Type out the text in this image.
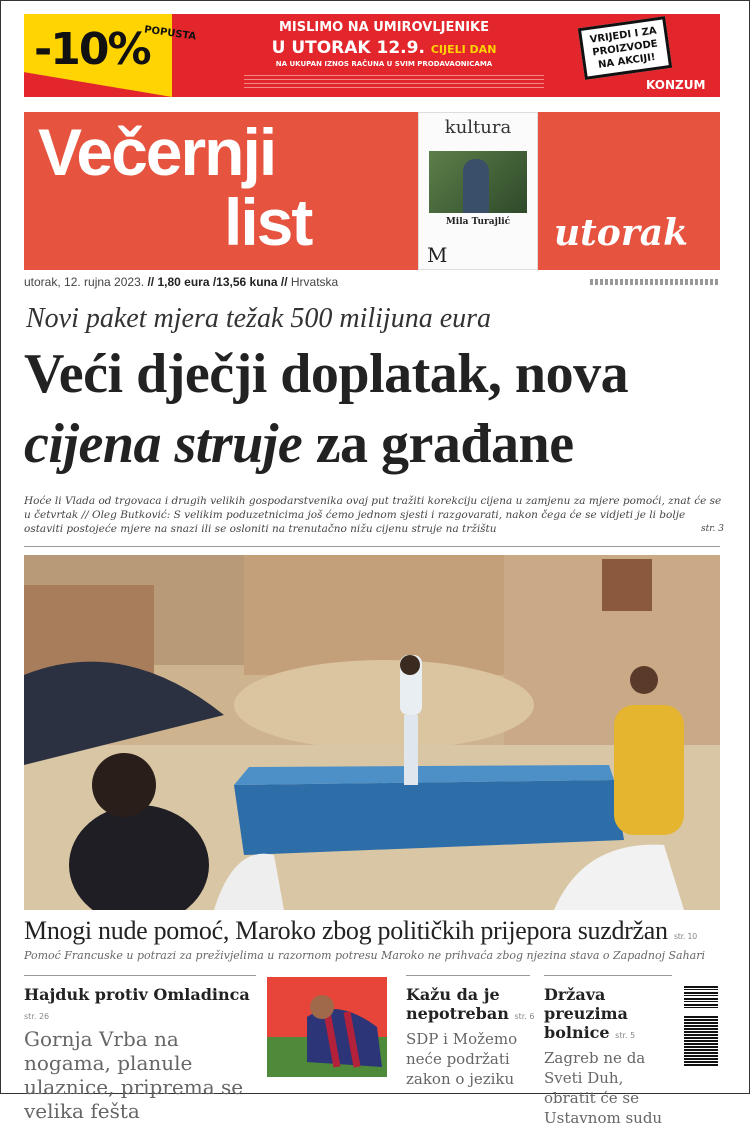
-10%
POPUSTA	MISLIMO NA UMIROVLJENIKE
U UTORAK 12.9. CIJELI DAN
NA UKUPAN IZNOS RAČUNA U SVIM PRODAVAONICAMA
VRIJEDI I ZA PROIZVODE NA AKCIJI!
KONZUM
Večernji
list
kultura
Mila Turajlić
M
utorak
utorak, 12. rujna 2023. // 1,80 eura /13,56 kuna // Hrvatska
Novi paket mjera težak 500 milijuna eura
Veći dječji doplatak, nova
cijena struje za građane
Hoće li Vlada od trgovaca i drugih velikih gospodarstvenika ovaj put tražiti korekciju cijena u zamjenu za mjere pomoći, znat će se u četvrtak // Oleg Butković: S velikim poduzetnicima još ćemo jednom sjesti i razgovarati, nakon čega će se vidjeti je li bolje ostaviti postojeće mjere na snazi ili se osloniti na trenutačno nižu cijenu struje na tržištu	str. 3
Mnogi nude pomoć, Maroko zbog političkih prijepora suzdržan str. 10
Pomoć Francuske u potrazi za preživjelima u razornom potresu Maroko ne prihvaća zbog njezina stava o Zapadnoj Sahari
Hajduk protiv Omladinca str. 26
Gornja Vrba na nogama, planule ulaznice, priprema se velika fešta
Kažu da je nepotreban str. 6
SDP i Možemo neće podržati zakon o jeziku
Država preuzima bolnice str. 5
Zagreb ne da Sveti Duh, obratit će se Ustavnom sudu
